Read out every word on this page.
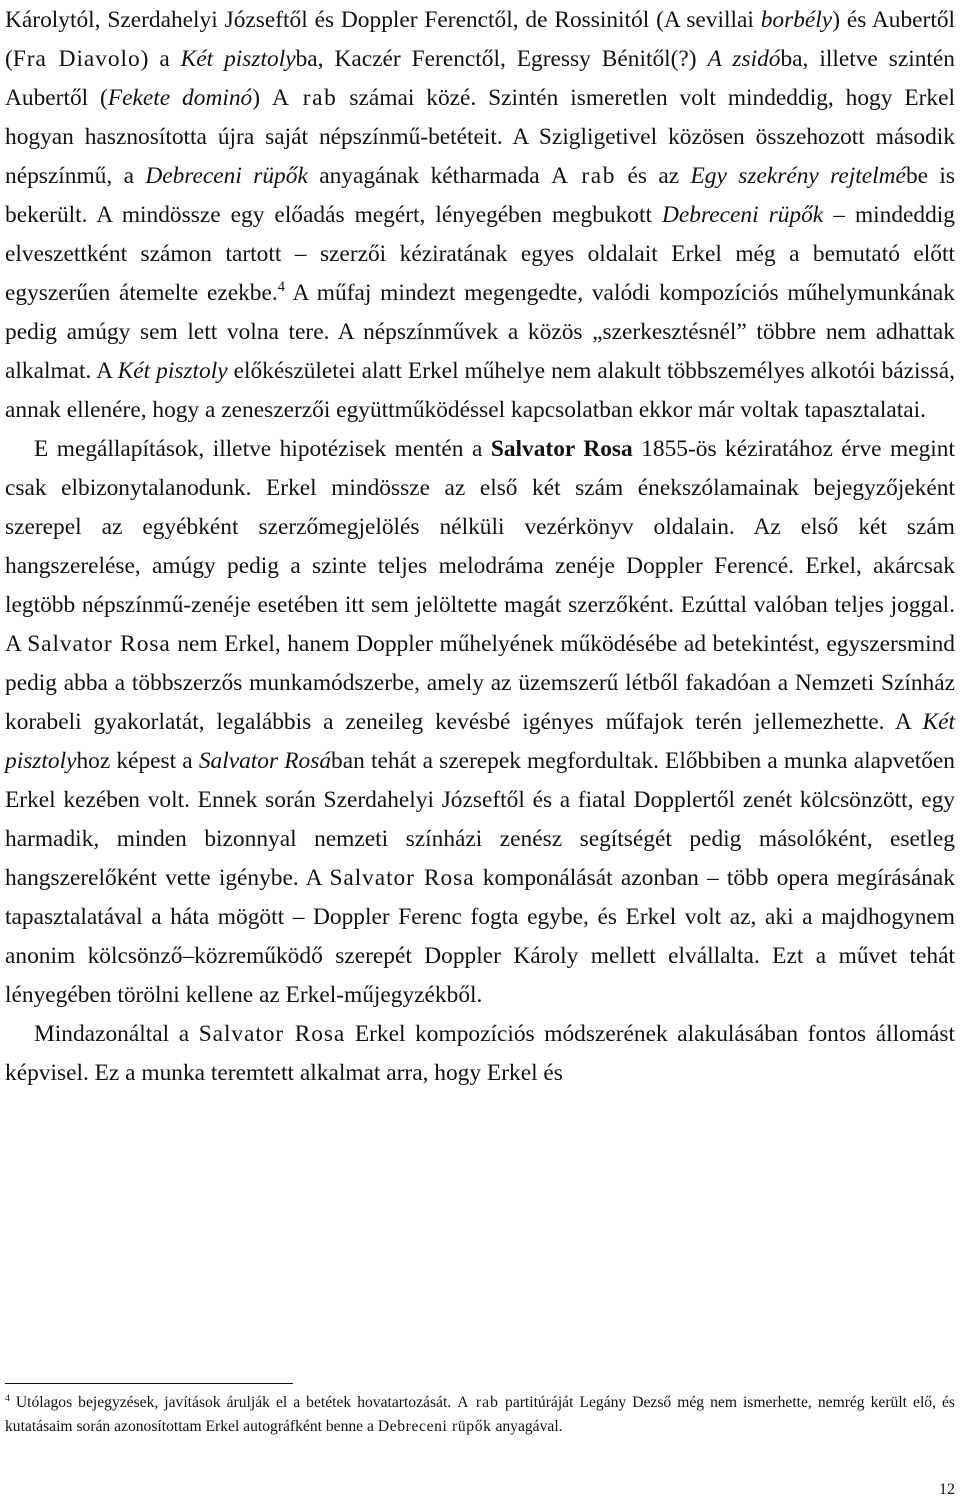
Károlytól, Szerdahelyi Józseftől és Doppler Ferenctől, de Rossinitól (A sevillai borbély) és Aubertől (Fra Diavolo) a Két pisztolyba, Kaczér Ferenctől, Egressy Bénitől(?) A zsidóba, illetve szintén Aubertől (Fekete dominó) A rab számai közé. Szintén ismeretlen volt mindeddig, hogy Erkel hogyan hasznosította újra saját népszínmű-betéteit. A Szigligetivel közösen összehozott második népszínmű, a Debreceni rüpők anyagának kétharmada A rab és az Egy szekrény rejtelmébe is bekerült. A mindössze egy előadás megért, lényegében megbukott Debreceni rüpők – mindeddig elveszettként számon tartott – szerzői kéziratának egyes oldalait Erkel még a bemutató előtt egyszerűen átemelte ezekbe.$^4$ A műfaj mindezt megengedte, valódi kompozíciós műhelymunkának pedig amúgy sem lett volna tere. A népszínművek a közös „szerkesztésnél” többre nem adhattak alkalmat. A Két pisztoly előkészületei alatt Erkel műhelye nem alakult többszemélyes alkotói bázissá, annak ellenére, hogy a zeneszerzői együttműködéssel kapcsolatban ekkor már voltak tapasztalatai.

E megállapítások, illetve hipotézisek mentén a Salvator Rosa 1855-ös kéziratához érve megint csak elbizonytalanodunk. Erkel mindössze az első két szám énekszólamainak bejegyzőjeként szerepel az egyébként szerzőmegjelölés nélküli vezérkönyv oldalain. Az első két szám hangszerelése, amúgy pedig a szinte teljes melodráma zenéje Doppler Ferencé. Erkel, akárcsak legtöbb népszínmű-zenéje esetében itt sem jelöltette magát szerzőként. Ezúttal valóban teljes joggal. A Salvator Rosa nem Erkel, hanem Doppler műhelyének működésébe ad betekintést, egyszersmind pedig abba a többszerzős munkamódszerbe, amely az üzemszerű létből fakadóan a Nemzeti Színház korabeli gyakorlatát, legalábbis a zeneileg kevésbé igényes műfajok terén jellemezhette. A Két pisztolyhoz képest a Salvator Rosában tehát a szerepek megfordultak. Előbbiben a munka alapvetően Erkel kezében volt. Ennek során Szerdahelyi Józseftől és a fiatal Dopplertől zenét kölcsönzött, egy harmadik, minden bizonnyal nemzeti színházi zenész segítségét pedig másolóként, esetleg hangszerelőként vette igénybe. A Salvator Rosa komponálását azonban – több opera megírásának tapasztalatával a háta mögött – Doppler Ferenc fogta egybe, és Erkel volt az, aki a majdhogynem anonim kölcsönző–közreműködő szerepét Doppler Károly mellett elvállalta. Ezt a művet tehát lényegében törölni kellene az Erkel-műjegyzékből.

Mindazonáltal a Salvator Rosa Erkel kompozíciós módszerének alakulásában fontos állomást képvisel. Ez a munka teremtett alkalmat arra, hogy Erkel és

$^4$ Utólagos bejegyzések, javítások árulják el a betétek hovatartozását. A rab partitúráját Legány Dezső még nem ismerhette, nemrég került elő, és kutatásaim során azonosítottam Erkel autográfként benne a Debreceni rüpők anyagával.

12
